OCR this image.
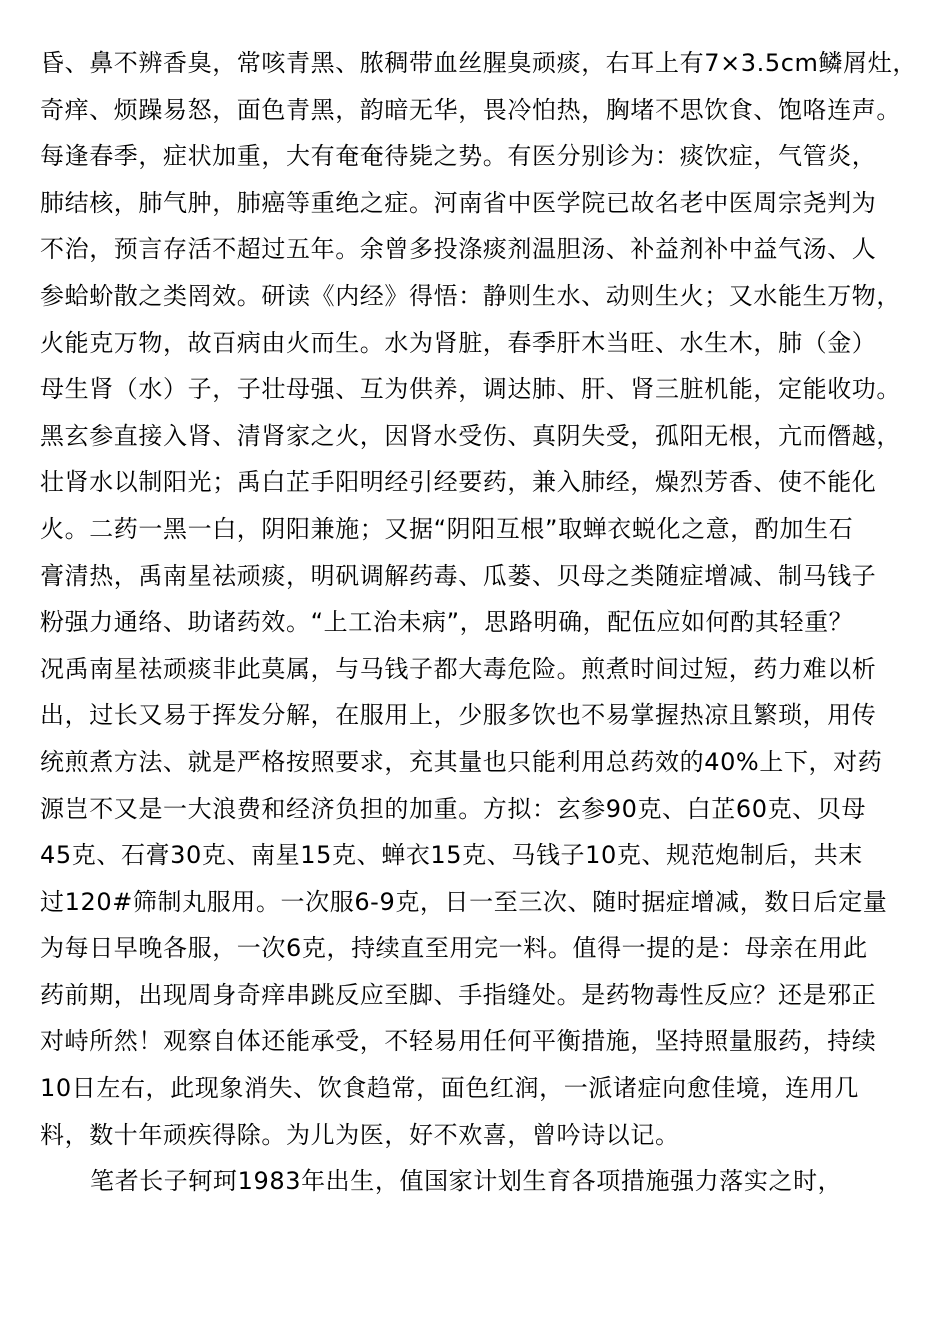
昏、鼻不辨香臭，常咳青黑、脓稠带血丝腥臭顽痰，右耳上有7×3.5cm鳞屑灶，
奇痒、烦躁易怒，面色青黑，韵暗无华，畏冷怕热，胸堵不思饮食、饱咯连声。
每逢春季，症状加重，大有奄奄待毙之势。有医分别诊为：痰饮症，气管炎，
肺结核，肺气肿，肺癌等重绝之症。河南省中医学院已故名老中医周宗尧判为
不治，预言存活不超过五年。余曾多投涤痰剂温胆汤、补益剂补中益气汤、人
参蛤蚧散之类罔效。研读《内经》得悟：静则生水、动则生火；又水能生万物，
火能克万物，故百病由火而生。水为肾脏，春季肝木当旺、水生木，肺（金）
母生肾（水）子，子壮母强、互为供养，调达肺、肝、肾三脏机能，定能收功。
黑玄参直接入肾、清肾家之火，因肾水受伤、真阴失受，孤阳无根，亢而僭越，
壮肾水以制阳光；禹白芷手阳明经引经要药，兼入肺经，燥烈芳香、使不能化
火。二药一黑一白，阴阳兼施；又据“阴阳互根”取蝉衣蜕化之意，酌加生石
膏清热，禹南星祛顽痰，明矾调解药毒、瓜蒌、贝母之类随症增减、制马钱子
粉强力通络、助诸药效。“上工治未病”，思路明确，配伍应如何酌其轻重？
况禹南星祛顽痰非此莫属，与马钱子都大毒危险。煎煮时间过短，药力难以析
出，过长又易于挥发分解，在服用上，少服多饮也不易掌握热凉且繁琐，用传
统煎煮方法、就是严格按照要求，充其量也只能利用总药效的40%上下，对药
源岂不又是一大浪费和经济负担的加重。方拟：玄参90克、白芷60克、贝母
45克、石膏30克、南星15克、蝉衣15克、马钱子10克、规范炮制后，共末
过120#筛制丸服用。一次服6-9克，日一至三次、随时据症增减，数日后定量
为每日早晚各服，一次6克，持续直至用完一料。值得一提的是：母亲在用此
药前期，出现周身奇痒串跳反应至脚、手指缝处。是药物毒性反应？还是邪正
对峙所然！观察自体还能承受，不轻易用任何平衡措施，坚持照量服药，持续
10日左右，此现象消失、饮食趋常，面色红润，一派诸症向愈佳境，连用几
料，数十年顽疾得除。为儿为医，好不欢喜，曾吟诗以记。
笔者长子轲珂1983年出生，值国家计划生育各项措施强力落实之时，
